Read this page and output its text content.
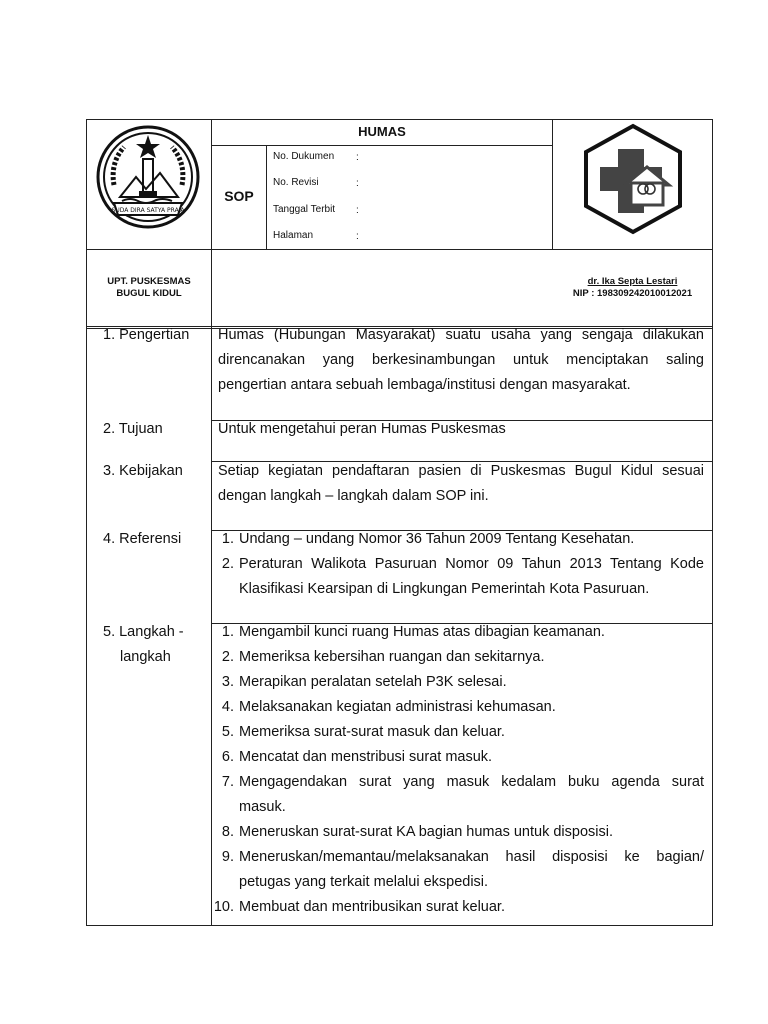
SUDA DIRA SATYA PRAJA
HUMAS
SOP
No. Dukumen :
No. Revisi	:
Tanggal Terbit :
Halaman	:
UPT. PUSKESMAS
BUGUL KIDUL
dr. Ika Septa Lestari
NIP : 198309242010012021
1. Pengertian Humas (Hubungan Masyarakat) suatu usaha yang sengaja dilakukan
direncanakan yang berkesinambungan untuk menciptakan saling
pengertian antara sebuah lembaga/institusi dengan masyarakat.
2. Tujuan	Untuk mengetahui peran Humas Puskesmas
3. Kebijakan Setiap kegiatan pendaftaran pasien di Puskesmas Bugul Kidul sesuai
dengan langkah – langkah dalam SOP ini.
4. Referensi	1. Undang – undang Nomor 36 Tahun 2009 Tentang Kesehatan.
2. Peraturan Walikota Pasuruan Nomor 09 Tahun 2013 Tentang Kode
Klasifikasi Kearsipan di Lingkungan Pemerintah Kota Pasuruan.
5. Langkah -
langkah
1. Mengambil kunci ruang Humas atas dibagian keamanan.
2. Memeriksa kebersihan ruangan dan sekitarnya.
3. Merapikan peralatan setelah P3K selesai.
4. Melaksanakan kegiatan administrasi kehumasan.
5. Memeriksa surat-surat masuk dan keluar.
6. Mencatat dan menstribusi surat masuk.
7. Mengagendakan surat yang masuk kedalam buku agenda surat
masuk.
8. Meneruskan surat-surat KA bagian humas untuk disposisi.
9. Meneruskan/memantau/melaksanakan hasil disposisi ke bagian/
petugas yang terkait melalui ekspedisi.
10. Membuat dan mentribusikan surat keluar.
